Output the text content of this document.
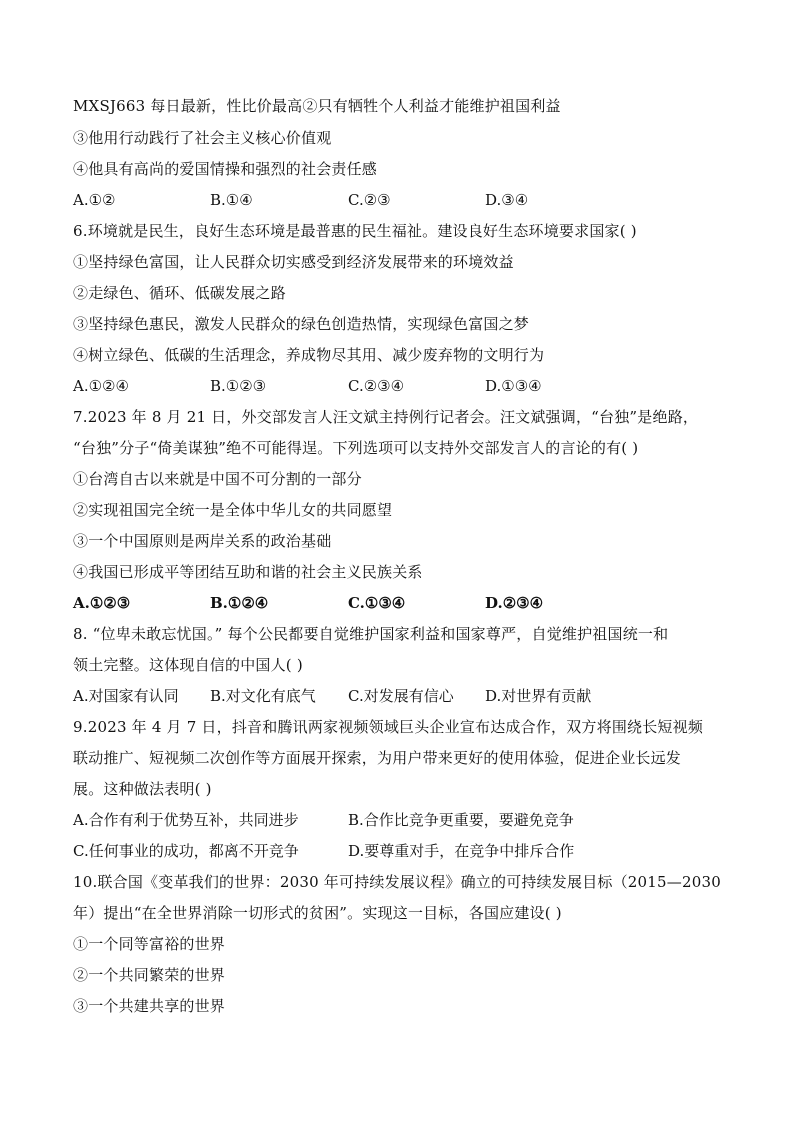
MXSJ663 每日最新，性比价最高②只有牺牲个人利益才能维护祖国利益
③他用行动践行了社会主义核心价值观
④他具有高尚的爱国情操和强烈的社会责任感
A.①②	B.①④	C.②③	D.③④
6.环境就是民生，良好生态环境是最普惠的民生福祉。建设良好生态环境要求国家( )
①坚持绿色富国，让人民群众切实感受到经济发展带来的环境效益
②走绿色、循环、低碳发展之路
③坚持绿色惠民，激发人民群众的绿色创造热情，实现绿色富国之梦
④树立绿色、低碳的生活理念，养成物尽其用、减少废弃物的文明行为
A.①②④	B.①②③	C.②③④	D.①③④
7.2023 年 8 月 21 日，外交部发言人汪文斌主持例行记者会。汪文斌强调，“台独”是绝路，
“台独”分子“倚美谋独”绝不可能得逞。下列选项可以支持外交部发言人的言论的有( )
①台湾自古以来就是中国不可分割的一部分
②实现祖国完全统一是全体中华儿女的共同愿望
③一个中国原则是两岸关系的政治基础
④我国已形成平等团结互助和谐的社会主义民族关系
A.①②③	B.①②④	C.①③④	D.②③④
8. “位卑未敢忘忧国。” 每个公民都要自觉维护国家利益和国家尊严，自觉维护祖国统一和
领土完整。这体现自信的中国人( )
A.对国家有认同 B.对文化有底气 C.对发展有信心 D.对世界有贡献
9.2023 年 4 月 7 日，抖音和腾讯两家视频领域巨头企业宣布达成合作，双方将围绕长短视频
联动推广、短视频二次创作等方面展开探索，为用户带来更好的使用体验，促进企业长远发
展。这种做法表明( )
A.合作有利于优势互补，共同进步	B.合作比竞争更重要，要避免竞争
C.任何事业的成功，都离不开竞争	D.要尊重对手，在竞争中排斥合作
10.联合国《变革我们的世界：2030 年可持续发展议程》确立的可持续发展目标（2015—2030
年）提出“在全世界消除一切形式的贫困”。实现这一目标，各国应建设( )
①一个同等富裕的世界
②一个共同繁荣的世界
③一个共建共享的世界
